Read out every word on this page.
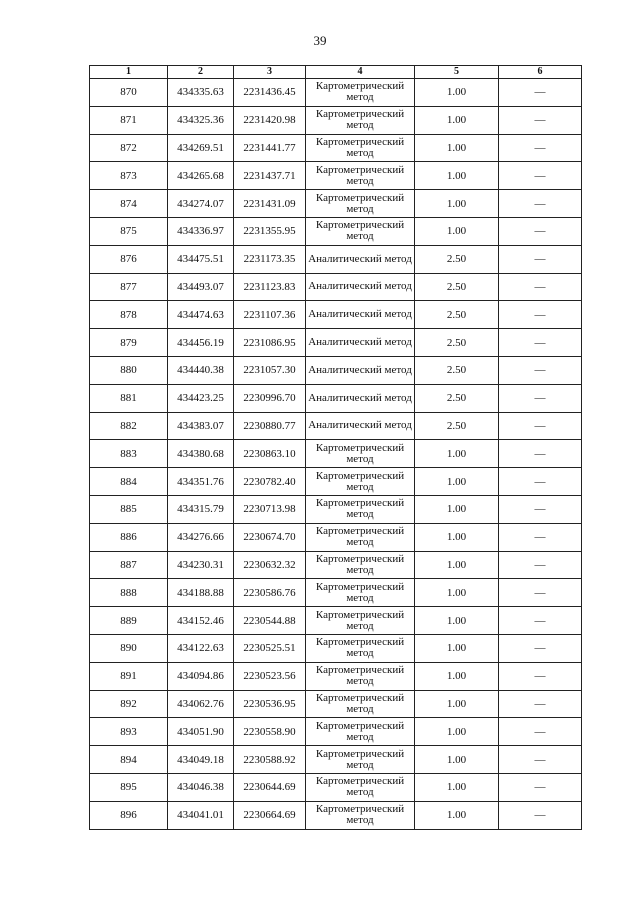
39
1	2	3	4	5	6
870	434335.63	2231436.45	Картометрический метод	1.00	—
871	434325.36	2231420.98	Картометрический метод	1.00	—
872	434269.51	2231441.77	Картометрический метод	1.00	—
873	434265.68	2231437.71	Картометрический метод	1.00	—
874	434274.07	2231431.09	Картометрический метод	1.00	—
875	434336.97	2231355.95	Картометрический метод	1.00	—
876	434475.51	2231173.35	Аналитический метод	2.50	—
877	434493.07	2231123.83	Аналитический метод	2.50	—
878	434474.63	2231107.36	Аналитический метод	2.50	—
879	434456.19	2231086.95	Аналитический метод	2.50	—
880	434440.38	2231057.30	Аналитический метод	2.50	—
881	434423.25	2230996.70	Аналитический метод	2.50	—
882	434383.07	2230880.77	Аналитический метод	2.50	—
883	434380.68	2230863.10	Картометрический метод	1.00	—
884	434351.76	2230782.40	Картометрический метод	1.00	—
885	434315.79	2230713.98	Картометрический метод	1.00	—
886	434276.66	2230674.70	Картометрический метод	1.00	—
887	434230.31	2230632.32	Картометрический метод	1.00	—
888	434188.88	2230586.76	Картометрический метод	1.00	—
889	434152.46	2230544.88	Картометрический метод	1.00	—
890	434122.63	2230525.51	Картометрический метод	1.00	—
891	434094.86	2230523.56	Картометрический метод	1.00	—
892	434062.76	2230536.95	Картометрический метод	1.00	—
893	434051.90	2230558.90	Картометрический метод	1.00	—
894	434049.18	2230588.92	Картометрический метод	1.00	—
895	434046.38	2230644.69	Картометрический метод	1.00	—
896	434041.01	2230664.69	Картометрический метод	1.00	—
